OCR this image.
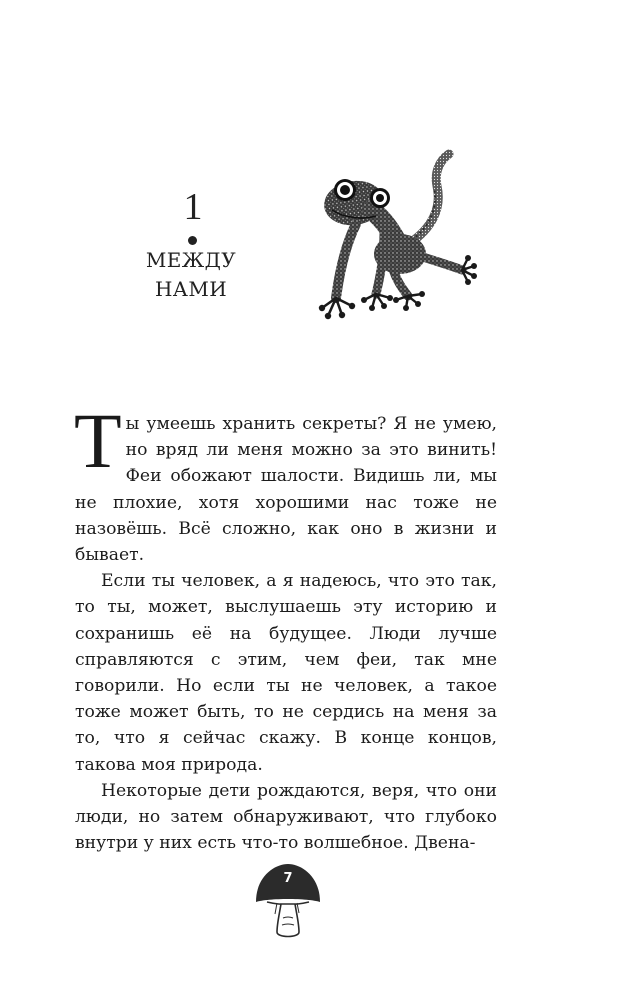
1
МЕЖДУ
НАМИ

Ты умеешь хранить секреты? Я не умею, но вряд ли меня можно за это винить! Феи обожают шалости. Видишь ли, мы не плохие, хотя хорошими нас тоже не назовёшь. Всё сложно, как оно в жизни и бывает.

Если ты человек, а я надеюсь, что это так, то ты, может, выслушаешь эту историю и сохранишь её на будущее. Люди лучше справляются с этим, чем феи, так мне говорили. Но если ты не человек, а такое тоже может быть, то не сердись на меня за то, что я сейчас скажу. В конце концов, такова моя природа.

Некоторые дети рождаются, веря, что они люди, но затем обнаруживают, что глубоко внутри у них есть что-то волшебное. Двена-

7
